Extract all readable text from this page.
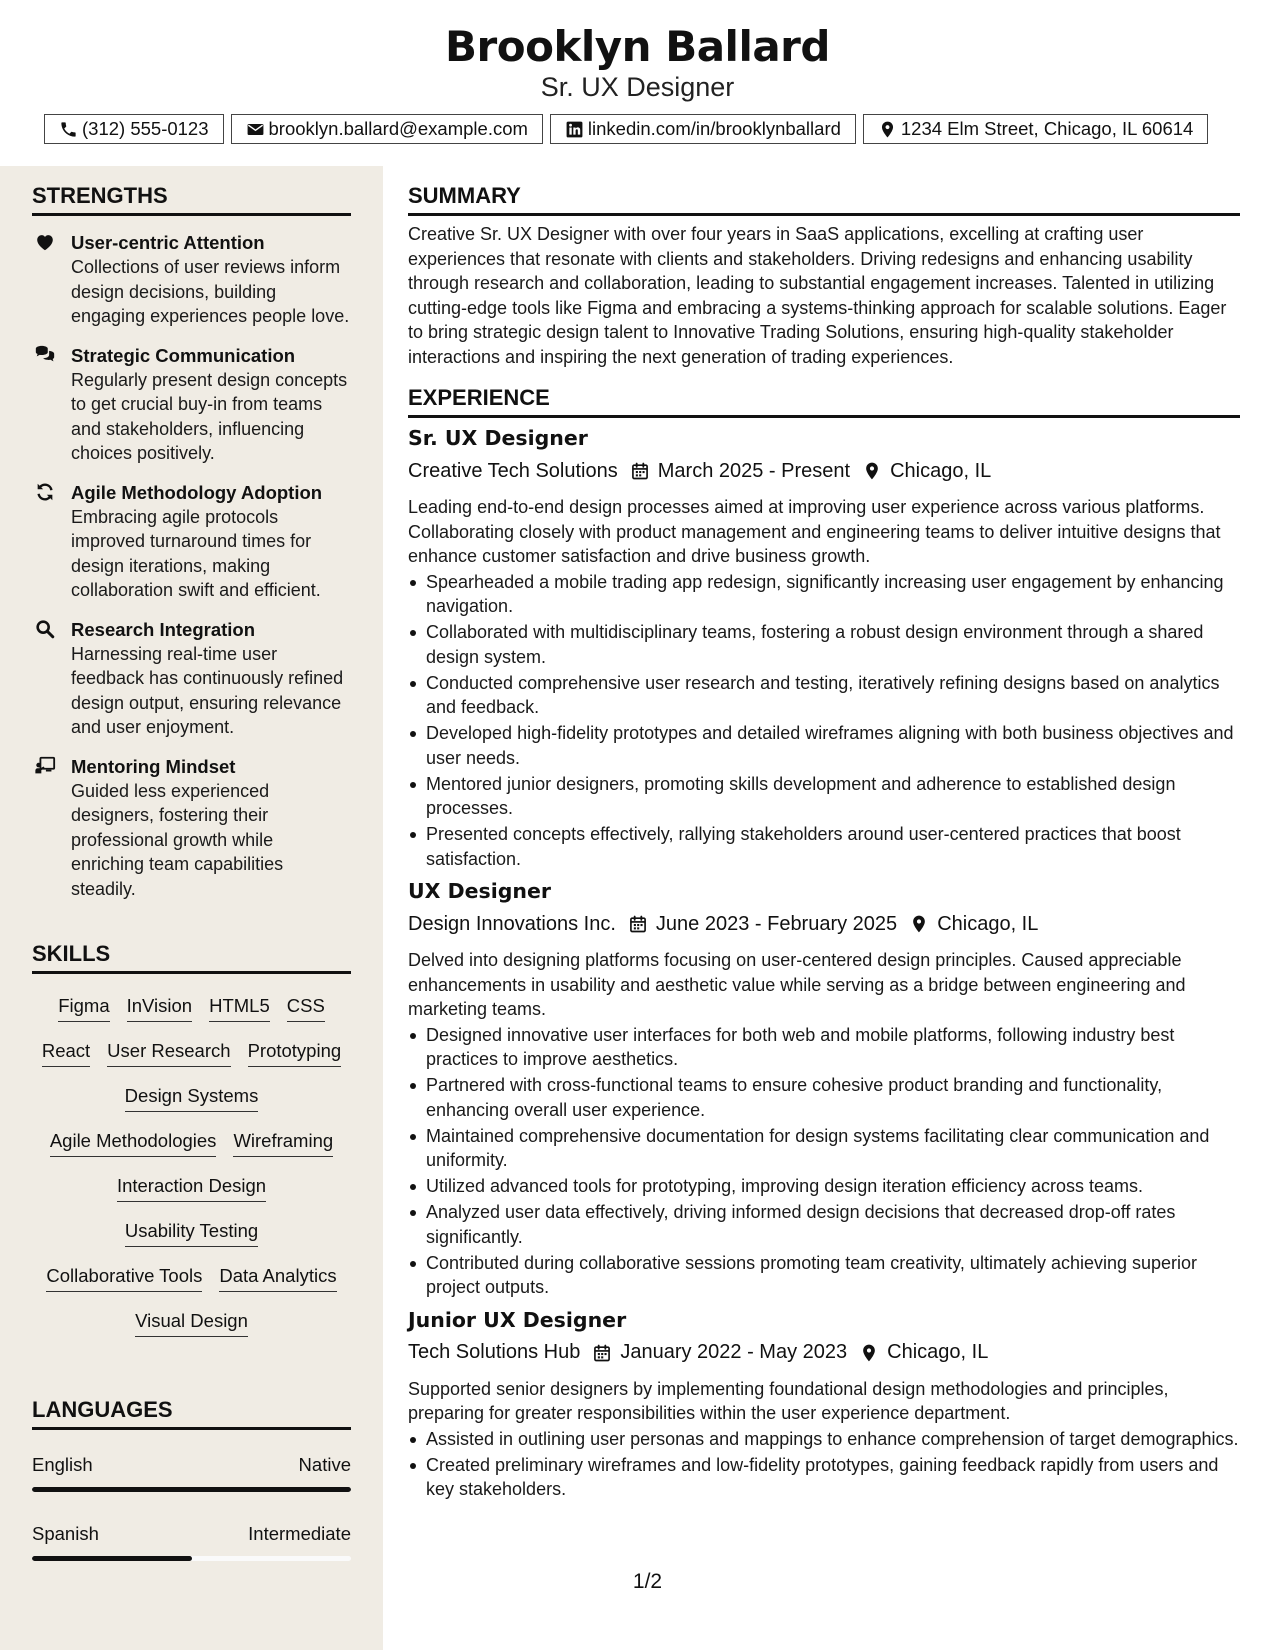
Brooklyn Ballard
Sr. UX Designer
(312) 555-0123	brooklyn.ballard@example.com	linkedin.com/in/brooklynballard	1234 Elm Street, Chicago, IL 60614
STRENGTHS
User-centric Attention
Collections of user reviews inform design decisions, building engaging experiences people love.
Strategic Communication
Regularly present design concepts to get crucial buy-in from teams and stakeholders, influencing choices positively.
Agile Methodology Adoption
Embracing agile protocols improved turnaround times for design iterations, making collaboration swift and efficient.
Research Integration
Harnessing real-time user feedback has continuously refined design output, ensuring relevance and user enjoyment.
Mentoring Mindset
Guided less experienced designers, fostering their professional growth while enriching team capabilities steadily.
SKILLS
Figma InVision HTML5 CSS
React User Research Prototyping
Design Systems
Agile Methodologies Wireframing
Interaction Design
Usability Testing
Collaborative Tools Data Analytics
Visual Design
LANGUAGES
English	Native
Spanish	Intermediate
SUMMARY
Creative Sr. UX Designer with over four years in SaaS applications, excelling at crafting user experiences that resonate with clients and stakeholders. Driving redesigns and enhancing usability through research and collaboration, leading to substantial engagement increases. Talented in utilizing cutting-edge tools like Figma and embracing a systems-thinking approach for scalable solutions. Eager to bring strategic design talent to Innovative Trading Solutions, ensuring high-quality stakeholder interactions and inspiring the next generation of trading experiences.
EXPERIENCE
Sr. UX Designer
Creative Tech Solutions March 2025 - Present Chicago, IL
Leading end-to-end design processes aimed at improving user experience across various platforms. Collaborating closely with product management and engineering teams to deliver intuitive designs that enhance customer satisfaction and drive business growth.
Spearheaded a mobile trading app redesign, significantly increasing user engagement by enhancing navigation.
Collaborated with multidisciplinary teams, fostering a robust design environment through a shared design system.
Conducted comprehensive user research and testing, iteratively refining designs based on analytics and feedback.
Developed high-fidelity prototypes and detailed wireframes aligning with both business objectives and user needs.
Mentored junior designers, promoting skills development and adherence to established design processes.
Presented concepts effectively, rallying stakeholders around user-centered practices that boost satisfaction.
UX Designer
Design Innovations Inc. June 2023 - February 2025 Chicago, IL
Delved into designing platforms focusing on user-centered design principles. Caused appreciable enhancements in usability and aesthetic value while serving as a bridge between engineering and marketing teams.
Designed innovative user interfaces for both web and mobile platforms, following industry best practices to improve aesthetics.
Partnered with cross-functional teams to ensure cohesive product branding and functionality, enhancing overall user experience.
Maintained comprehensive documentation for design systems facilitating clear communication and uniformity.
Utilized advanced tools for prototyping, improving design iteration efficiency across teams.
Analyzed user data effectively, driving informed design decisions that decreased drop-off rates significantly.
Contributed during collaborative sessions promoting team creativity, ultimately achieving superior project outputs.
Junior UX Designer
Tech Solutions Hub January 2022 - May 2023 Chicago, IL
Supported senior designers by implementing foundational design methodologies and principles, preparing for greater responsibilities within the user experience department.
Assisted in outlining user personas and mappings to enhance comprehension of target demographics.
Created preliminary wireframes and low-fidelity prototypes, gaining feedback rapidly from users and key stakeholders.
1/2
